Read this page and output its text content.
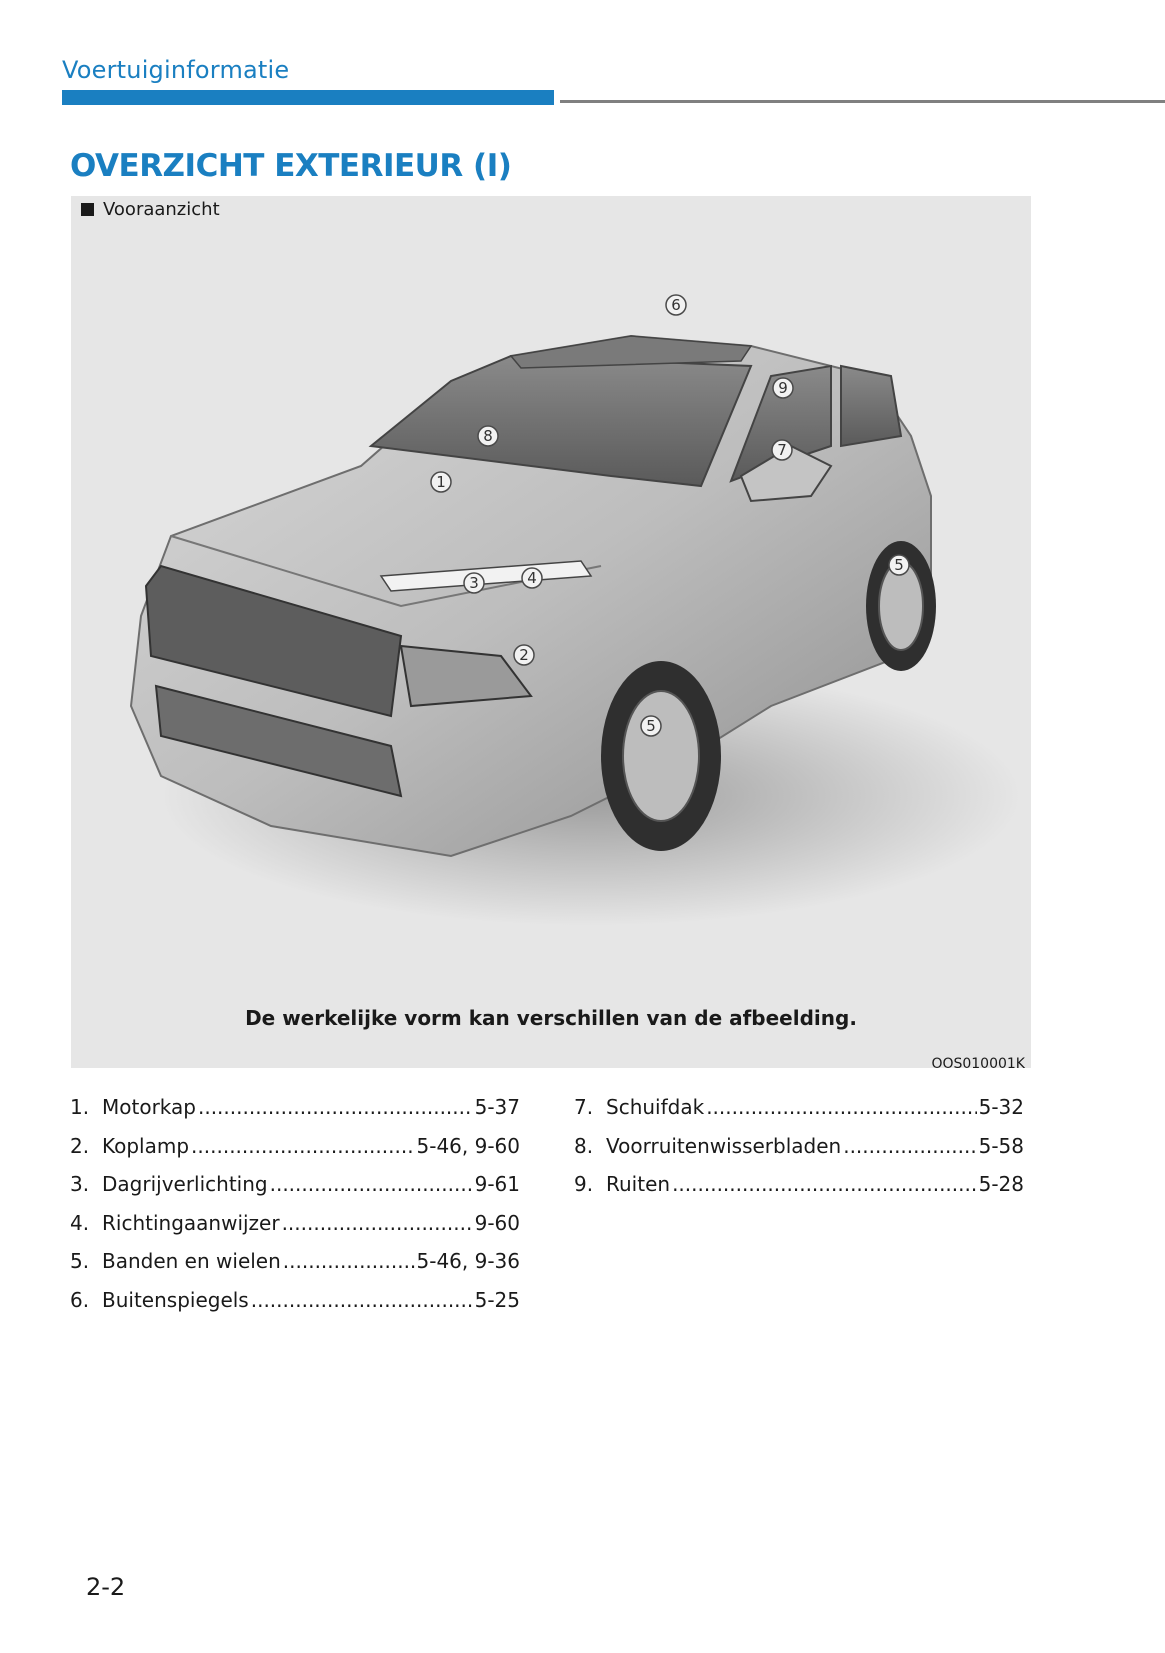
Voertuiginformatie
OVERZICHT EXTERIEUR (I)
Vooraanzicht
6
9
7
8
1
3	4
2
5
5
De werkelijke vorm kan verschillen van de afbeelding.
OOS010001K
1. Motorkap .....	5-37
2. Koplamp .....	5-46, 9-60
3. Dagrijverlichting .....	9-61
4. Richtingaanwijzer .....	9-60
5. Banden en wielen .....	5-46, 9-36
6. Buitenspiegels .....	5-25
7. Schuifdak .....	5-32
8. Voorruitenwisserbladen .....	5-58
9. Ruiten .....	5-28
2-2
